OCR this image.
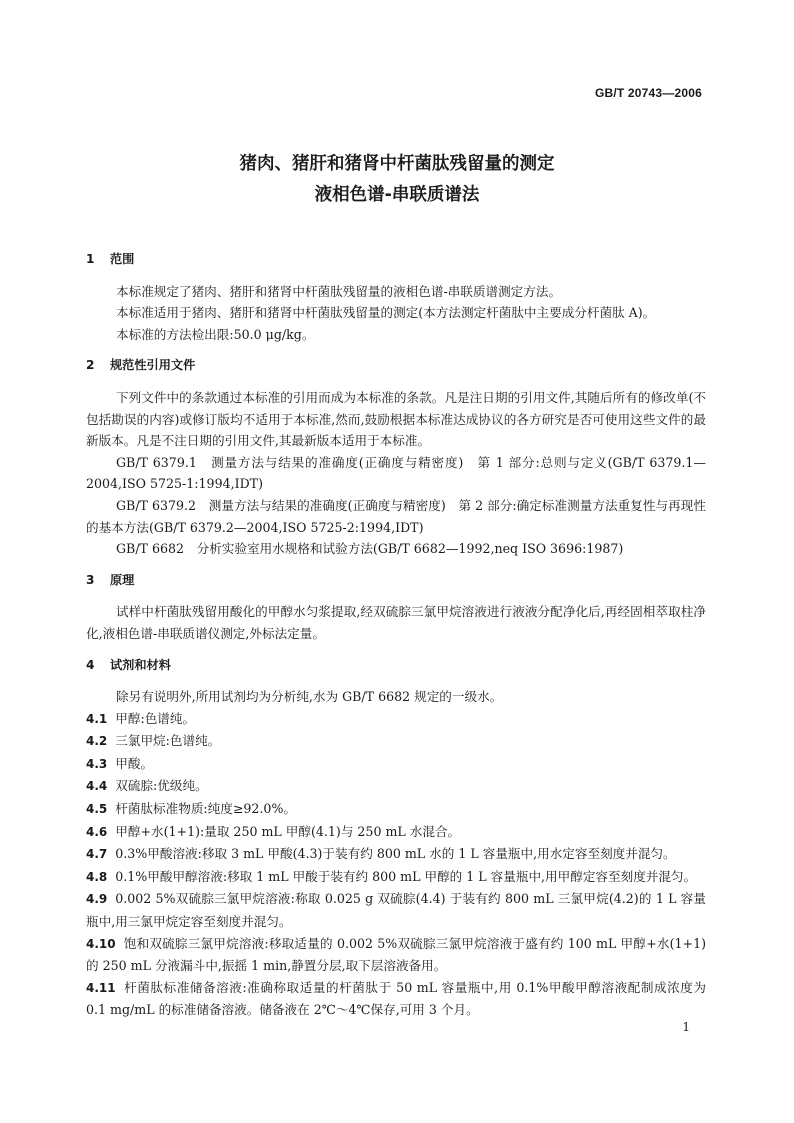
GB/T 20743—2006
猪肉、猪肝和猪肾中杆菌肽残留量的测定
液相色谱-串联质谱法
1 范围

本标准规定了猪肉、猪肝和猪肾中杆菌肽残留量的液相色谱-串联质谱测定方法。

本标准适用于猪肉、猪肝和猪肾中杆菌肽残留量的测定(本方法测定杆菌肽中主要成分杆菌肽 A)。

本标准的方法检出限:50.0 μg/kg。

2 规范性引用文件

下列文件中的条款通过本标准的引用而成为本标准的条款。凡是注日期的引用文件,其随后所有的修改单(不包括勘误的内容)或修订版均不适用于本标准,然而,鼓励根据本标准达成协议的各方研究是否可使用这些文件的最新版本。凡是不注日期的引用文件,其最新版本适用于本标准。

GB/T 6379.1　测量方法与结果的准确度(正确度与精密度)　第 1 部分:总则与定义(GB/T 6379.1—2004,ISO 5725-1:1994,IDT)

GB/T 6379.2　测量方法与结果的准确度(正确度与精密度)　第 2 部分:确定标准测量方法重复性与再现性的基本方法(GB/T 6379.2—2004,ISO 5725-2:1994,IDT)

GB/T 6682　分析实验室用水规格和试验方法(GB/T 6682—1992,neq ISO 3696:1987)

3 原理

试样中杆菌肽残留用酸化的甲醇水匀浆提取,经双硫腙三氯甲烷溶液进行液液分配净化后,再经固相萃取柱净化,液相色谱-串联质谱仪测定,外标法定量。

4 试剂和材料

除另有说明外,所用试剂均为分析纯,水为 GB/T 6682 规定的一级水。

4.1 甲醇:色谱纯。

4.2 三氯甲烷:色谱纯。

4.3 甲酸。

4.4 双硫腙:优级纯。

4.5 杆菌肽标准物质:纯度≥92.0%。

4.6 甲醇+水(1+1):量取 250 mL 甲醇(4.1)与 250 mL 水混合。

4.7 0.3%甲酸溶液:移取 3 mL 甲酸(4.3)于装有约 800 mL 水的 1 L 容量瓶中,用水定容至刻度并混匀。

4.8 0.1%甲酸甲醇溶液:移取 1 mL 甲酸于装有约 800 mL 甲醇的 1 L 容量瓶中,用甲醇定容至刻度并混匀。

4.9 0.002 5%双硫腙三氯甲烷溶液:称取 0.025 g 双硫腙(4.4) 于装有约 800 mL 三氯甲烷(4.2)的 1 L 容量瓶中,用三氯甲烷定容至刻度并混匀。

4.10 饱和双硫腙三氯甲烷溶液:移取适量的 0.002 5%双硫腙三氯甲烷溶液于盛有约 100 mL 甲醇+水(1+1)的 250 mL 分液漏斗中,振摇 1 min,静置分层,取下层溶液备用。

4.11 杆菌肽标准储备溶液:准确称取适量的杆菌肽于 50 mL 容量瓶中,用 0.1%甲酸甲醇溶液配制成浓度为 0.1 mg/mL 的标准储备溶液。储备液在 2℃～4℃保存,可用 3 个月。

1
